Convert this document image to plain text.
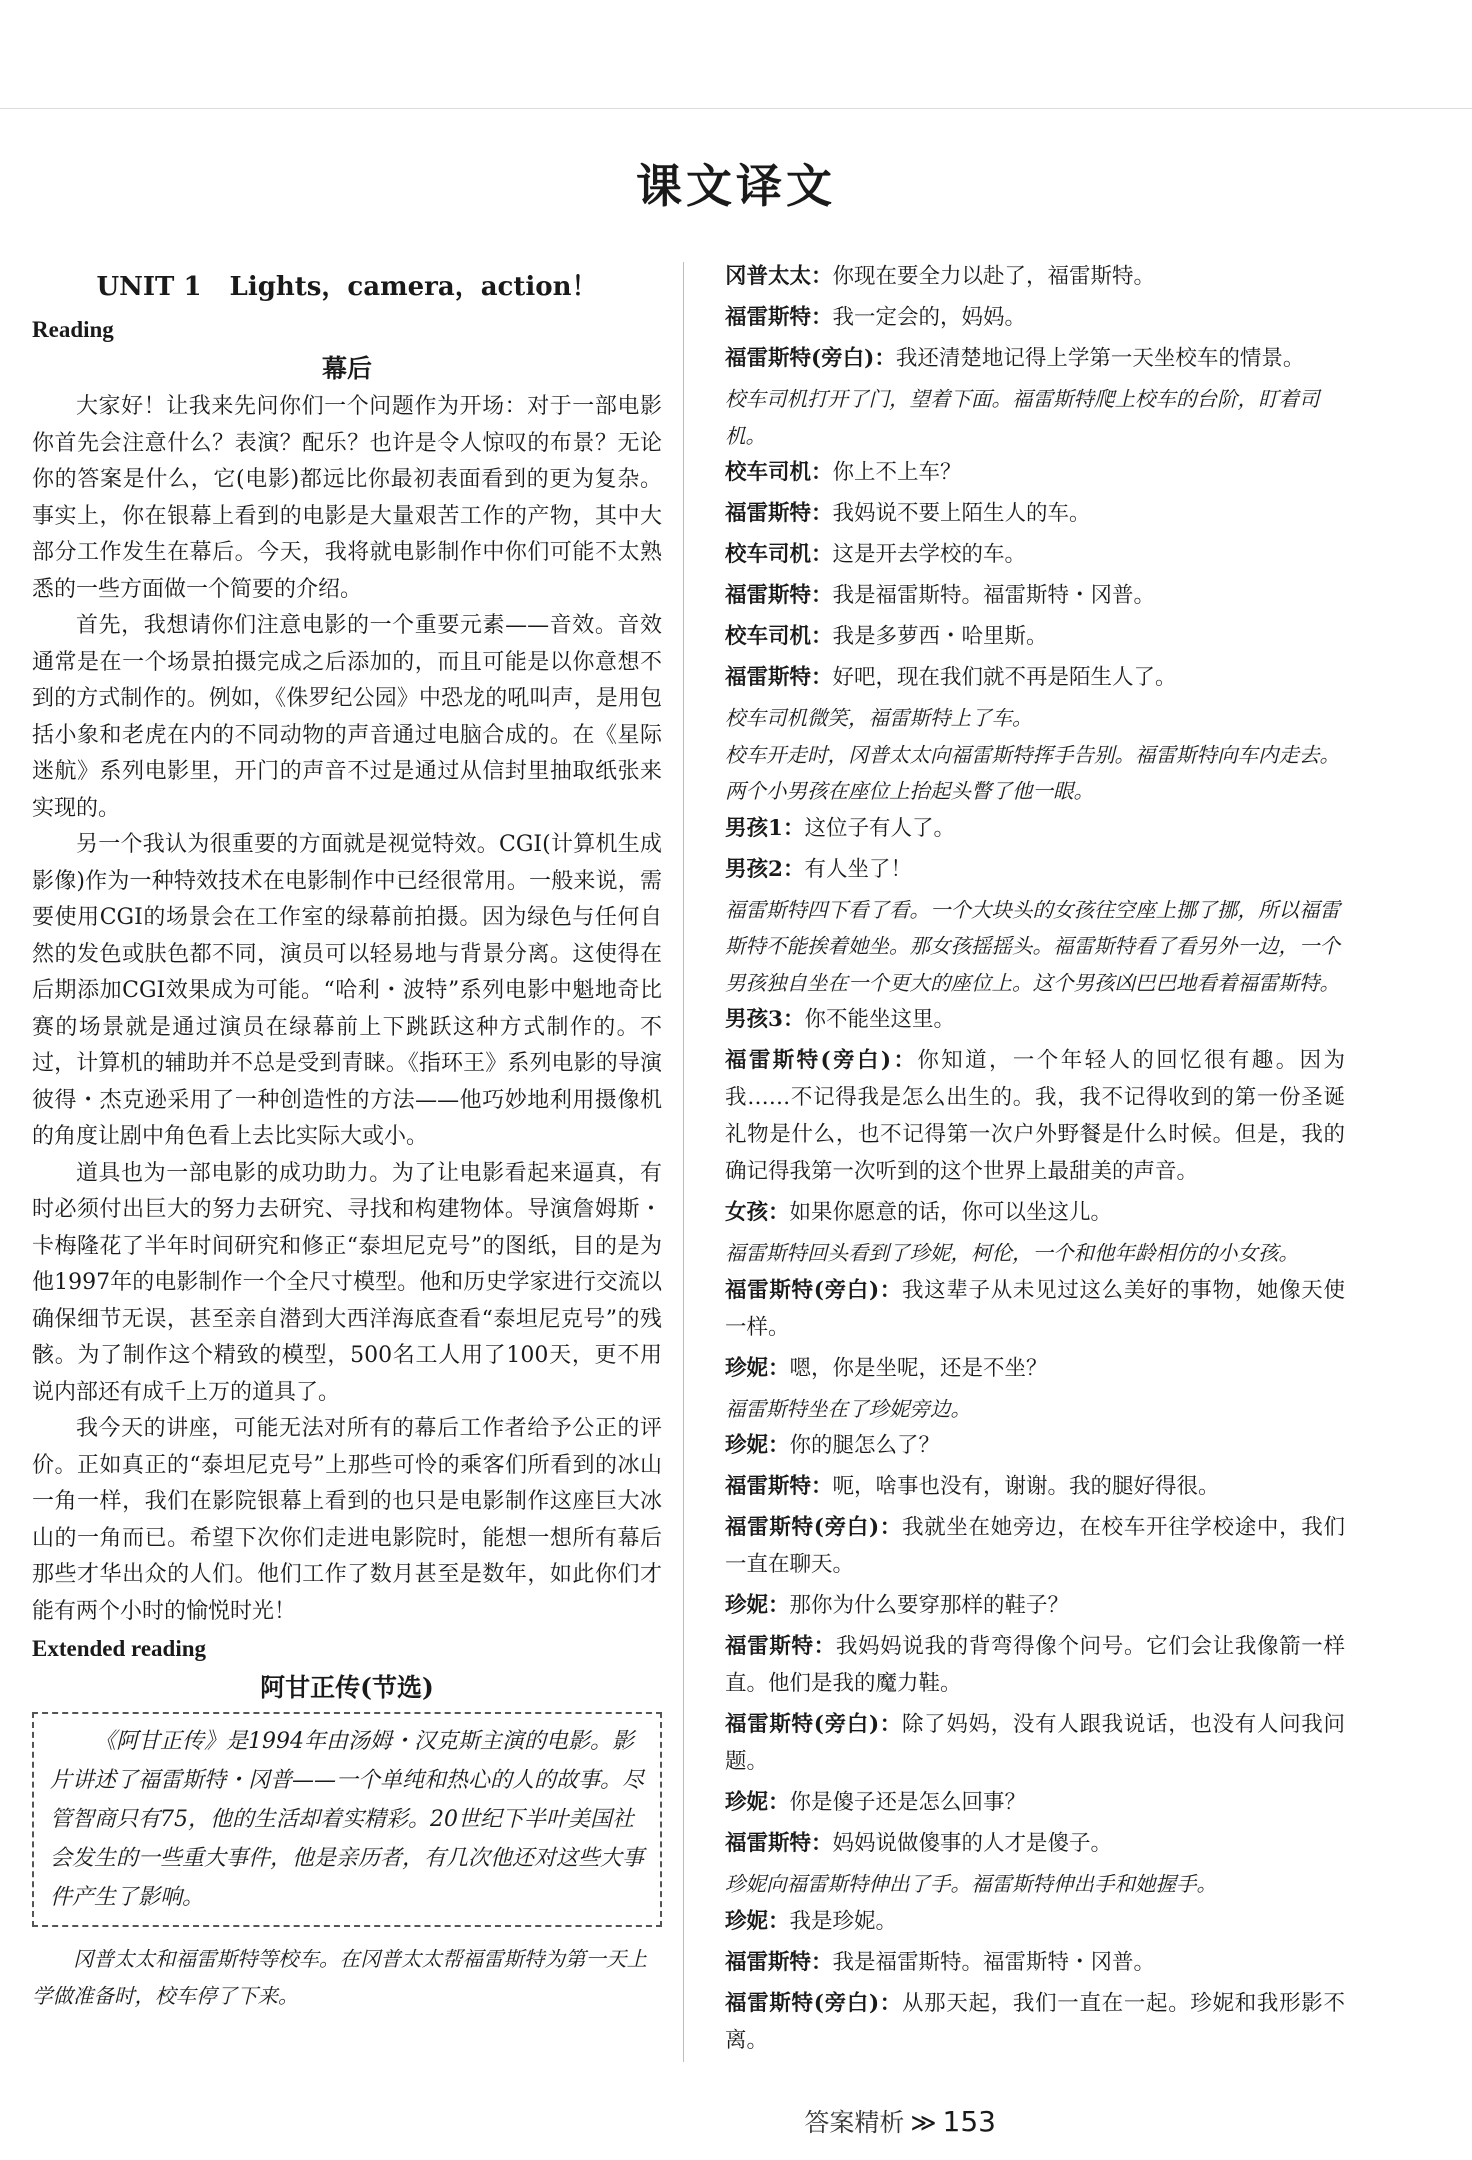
课文译文
UNIT 1 Lights，camera，action！
Reading
幕后

大家好！让我来先问你们一个问题作为开场：对于一部电影你首先会注意什么？表演？配乐？也许是令人惊叹的布景？无论你的答案是什么，它(电影)都远比你最初表面看到的更为复杂。事实上，你在银幕上看到的电影是大量艰苦工作的产物，其中大部分工作发生在幕后。今天，我将就电影制作中你们可能不太熟悉的一些方面做一个简要的介绍。

首先，我想请你们注意电影的一个重要元素——音效。音效通常是在一个场景拍摄完成之后添加的，而且可能是以你意想不到的方式制作的。例如，《侏罗纪公园》中恐龙的吼叫声，是用包括小象和老虎在内的不同动物的声音通过电脑合成的。在《星际迷航》系列电影里，开门的声音不过是通过从信封里抽取纸张来实现的。

另一个我认为很重要的方面就是视觉特效。CGI(计算机生成影像)作为一种特效技术在电影制作中已经很常用。一般来说，需要使用CGI的场景会在工作室的绿幕前拍摄。因为绿色与任何自然的发色或肤色都不同，演员可以轻易地与背景分离。这使得在后期添加CGI效果成为可能。“哈利・波特”系列电影中魁地奇比赛的场景就是通过演员在绿幕前上下跳跃这种方式制作的。不过，计算机的辅助并不总是受到青睐。《指环王》系列电影的导演彼得・杰克逊采用了一种创造性的方法——他巧妙地利用摄像机的角度让剧中角色看上去比实际大或小。

道具也为一部电影的成功助力。为了让电影看起来逼真，有时必须付出巨大的努力去研究、寻找和构建物体。导演詹姆斯・卡梅隆花了半年时间研究和修正“泰坦尼克号”的图纸，目的是为他1997年的电影制作一个全尺寸模型。他和历史学家进行交流以确保细节无误，甚至亲自潜到大西洋海底查看“泰坦尼克号”的残骸。为了制作这个精致的模型，500名工人用了100天，更不用说内部还有成千上万的道具了。

我今天的讲座，可能无法对所有的幕后工作者给予公正的评价。正如真正的“泰坦尼克号”上那些可怜的乘客们所看到的冰山一角一样，我们在影院银幕上看到的也只是电影制作这座巨大冰山的一角而已。希望下次你们走进电影院时，能想一想所有幕后那些才华出众的人们。他们工作了数月甚至是数年，如此你们才能有两个小时的愉悦时光！

Extended reading
阿甘正传(节选)
《阿甘正传》是1994年由汤姆・汉克斯主演的电影。影片讲述了福雷斯特・冈普——一个单纯和热心的人的故事。尽管智商只有75，他的生活却着实精彩。20世纪下半叶美国社会发生的一些重大事件，他是亲历者，有几次他还对这些大事件产生了影响。

冈普太太和福雷斯特等校车。在冈普太太帮福雷斯特为第一天上学做准备时，校车停了下来。

冈普太太：你现在要全力以赴了，福雷斯特。

福雷斯特：我一定会的，妈妈。

福雷斯特(旁白)：我还清楚地记得上学第一天坐校车的情景。

校车司机打开了门，望着下面。福雷斯特爬上校车的台阶，盯着司机。

校车司机：你上不上车？

福雷斯特：我妈说不要上陌生人的车。

校车司机：这是开去学校的车。

福雷斯特：我是福雷斯特。福雷斯特・冈普。

校车司机：我是多萝西・哈里斯。

福雷斯特：好吧，现在我们就不再是陌生人了。

校车司机微笑，福雷斯特上了车。

校车开走时，冈普太太向福雷斯特挥手告别。福雷斯特向车内走去。

两个小男孩在座位上抬起头瞥了他一眼。

男孩1：这位子有人了。

男孩2：有人坐了！

福雷斯特四下看了看。一个大块头的女孩往空座上挪了挪，所以福雷斯特不能挨着她坐。那女孩摇摇头。福雷斯特看了看另外一边，一个男孩独自坐在一个更大的座位上。这个男孩凶巴巴地看着福雷斯特。

男孩3：你不能坐这里。

福雷斯特(旁白)：你知道，一个年轻人的回忆很有趣。因为我……不记得我是怎么出生的。我，我不记得收到的第一份圣诞礼物是什么，也不记得第一次户外野餐是什么时候。但是，我的确记得我第一次听到的这个世界上最甜美的声音。

女孩：如果你愿意的话，你可以坐这儿。

福雷斯特回头看到了珍妮，柯伦，一个和他年龄相仿的小女孩。

福雷斯特(旁白)：我这辈子从未见过这么美好的事物，她像天使一样。

珍妮：嗯，你是坐呢，还是不坐？

福雷斯特坐在了珍妮旁边。

珍妮：你的腿怎么了？

福雷斯特：呃，啥事也没有，谢谢。我的腿好得很。

福雷斯特(旁白)：我就坐在她旁边，在校车开往学校途中，我们一直在聊天。

珍妮：那你为什么要穿那样的鞋子？

福雷斯特：我妈妈说我的背弯得像个问号。它们会让我像箭一样直。他们是我的魔力鞋。

福雷斯特(旁白)：除了妈妈，没有人跟我说话，也没有人问我问题。

珍妮：你是傻子还是怎么回事？

福雷斯特：妈妈说做傻事的人才是傻子。

珍妮向福雷斯特伸出了手。福雷斯特伸出手和她握手。

珍妮：我是珍妮。

福雷斯特：我是福雷斯特。福雷斯特・冈普。

福雷斯特(旁白)：从那天起，我们一直在一起。珍妮和我形影不离。

答案精析 ≫ 153
